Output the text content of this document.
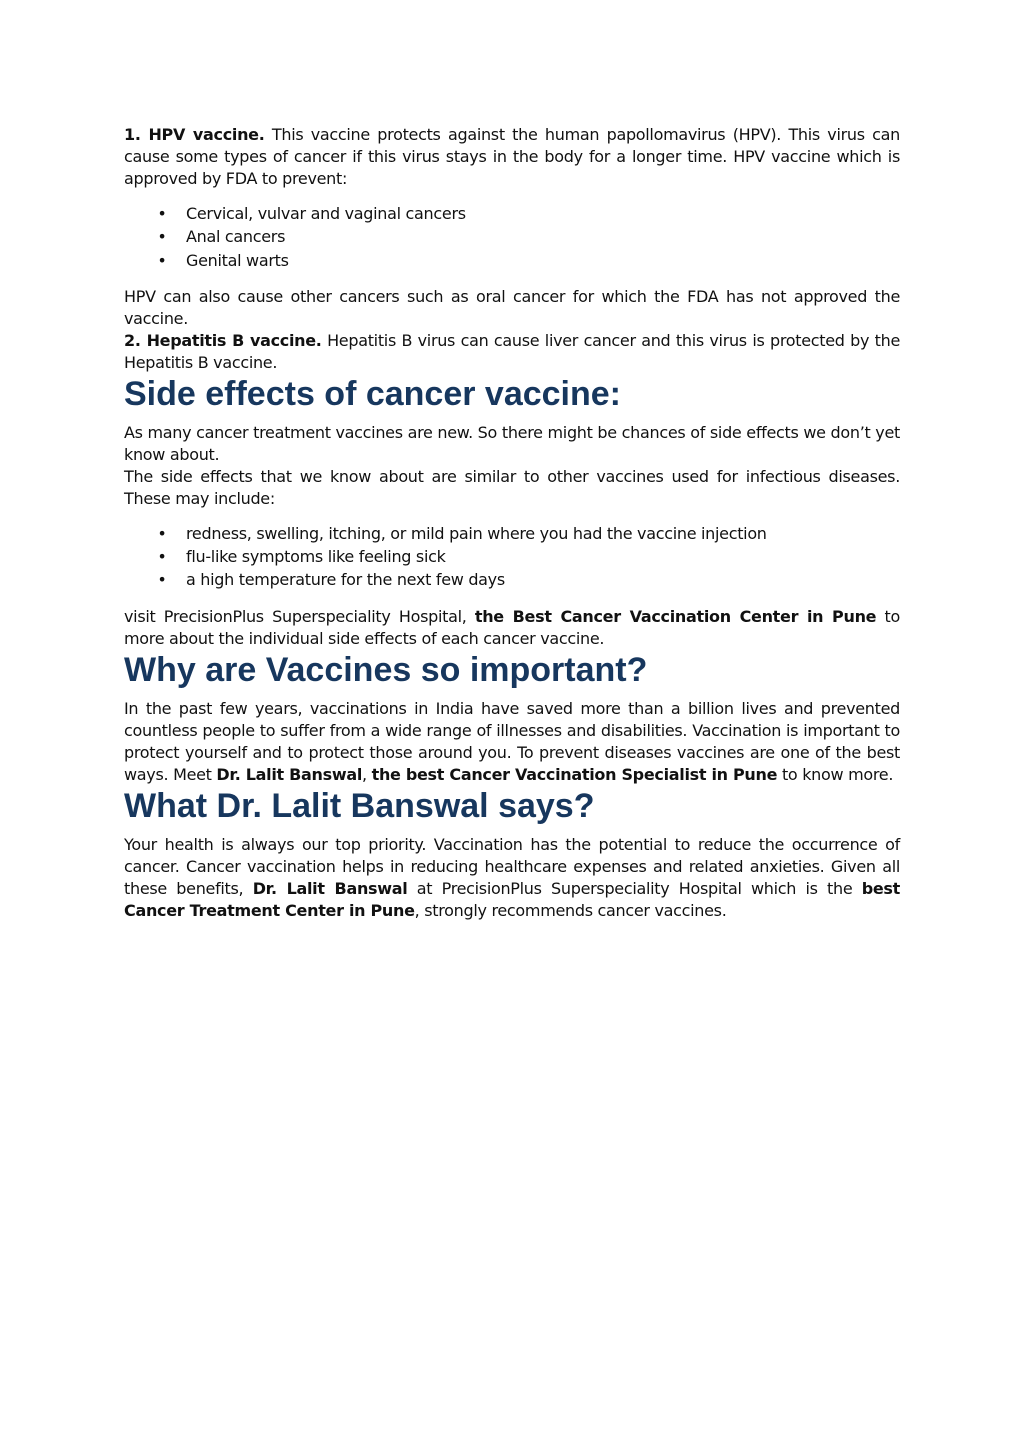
1. HPV vaccine. This vaccine protects against the human papollomavirus (HPV). This virus can cause some types of cancer if this virus stays in the body for a longer time. HPV vaccine which is approved by FDA to prevent:

• Cervical, vulvar and vaginal cancers
• Anal cancers
• Genital warts

HPV can also cause other cancers such as oral cancer for which the FDA has not approved the vaccine.

2. Hepatitis B vaccine. Hepatitis B virus can cause liver cancer and this virus is protected by the Hepatitis B vaccine.

Side effects of cancer vaccine:

As many cancer treatment vaccines are new. So there might be chances of side effects we don’t yet know about.

The side effects that we know about are similar to other vaccines used for infectious diseases. These may include:

• redness, swelling, itching, or mild pain where you had the vaccine injection
• flu-like symptoms like feeling sick
• a high temperature for the next few days

visit PrecisionPlus Superspeciality Hospital, the Best Cancer Vaccination Center in Pune to more about the individual side effects of each cancer vaccine.

Why are Vaccines so important?

In the past few years, vaccinations in India have saved more than a billion lives and prevented countless people to suffer from a wide range of illnesses and disabilities. Vaccination is important to protect yourself and to protect those around you. To prevent diseases vaccines are one of the best ways. Meet Dr. Lalit Banswal, the best Cancer Vaccination Specialist in Pune to know more.

What Dr. Lalit Banswal says?

Your health is always our top priority. Vaccination has the potential to reduce the occurrence of cancer. Cancer vaccination helps in reducing healthcare expenses and related anxieties. Given all these benefits, Dr. Lalit Banswal at PrecisionPlus Superspeciality Hospital which is the best Cancer Treatment Center in Pune, strongly recommends cancer vaccines.
